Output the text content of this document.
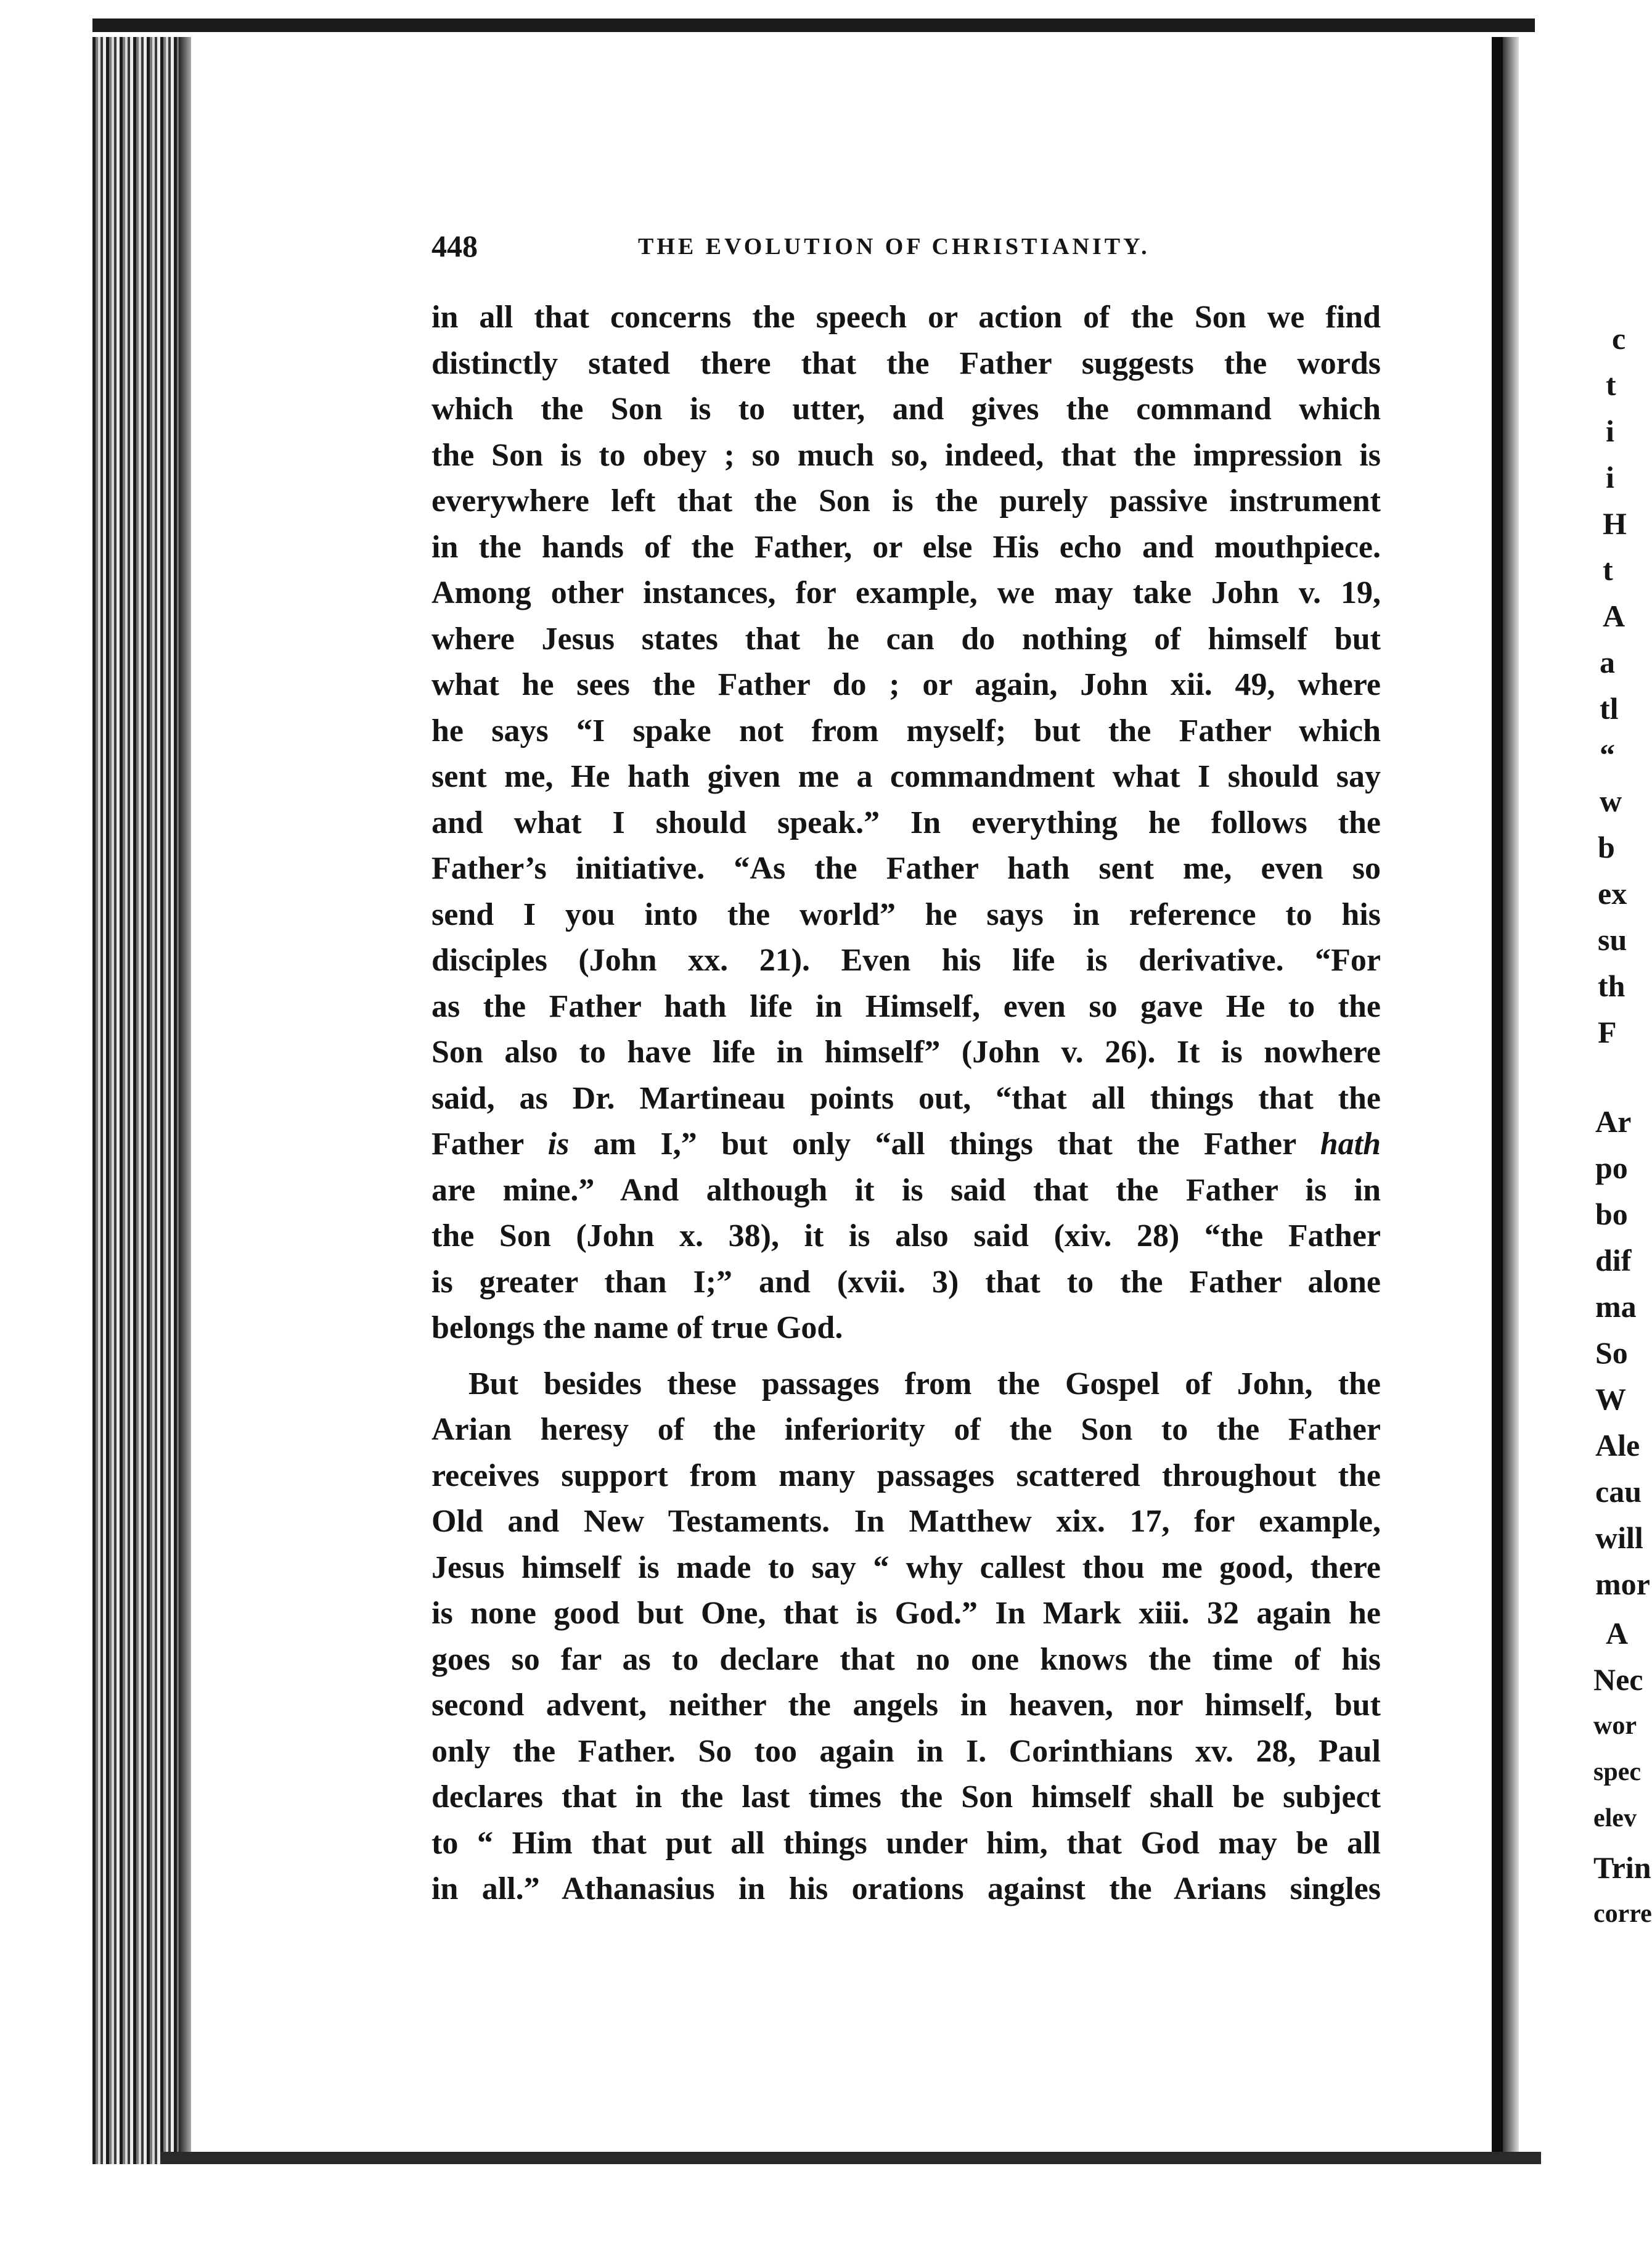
448	THE EVOLUTION OF CHRISTIANITY.
in all that concerns the speech or action of the Son we find
distinctly stated there that the Father suggests the words
which the Son is to utter, and gives the command which
the Son is to obey ; so much so, indeed, that the impression is
everywhere left that the Son is the purely passive instrument
in the hands of the Father, or else His echo and mouthpiece.
Among other instances, for example, we may take John v. 19,
where Jesus states that he can do nothing of himself but
what he sees the Father do ; or again, John xii. 49, where
he says “I spake not from myself; but the Father which
sent me, He hath given me a commandment what I should say
and what I should speak.” In everything he follows the
Father’s initiative. “As the Father hath sent me, even so
send I you into the world” he says in reference to his
disciples (John xx. 21). Even his life is derivative. “For
as the Father hath life in Himself, even so gave He to the
Son also to have life in himself” (John v. 26). It is nowhere
said, as Dr. Martineau points out, “that all things that the
Father is am I,” but only “all things that the Father hath
are mine.” And although it is said that the Father is in
the Son (John x. 38), it is also said (xiv. 28) “the Father
is greater than I;” and (xvii. 3) that to the Father alone
belongs the name of true God.
But besides these passages from the Gospel of John, the
Arian heresy of the inferiority of the Son to the Father
receives support from many passages scattered throughout the
Old and New Testaments. In Matthew xix. 17, for example,
Jesus himself is made to say “ why callest thou me good, there
is none good but One, that is God.” In Mark xiii. 32 again he
goes so far as to declare that no one knows the time of his
second advent, neither the angels in heaven, nor himself, but
only the Father. So too again in I. Corinthians xv. 28, Paul
declares that in the last times the Son himself shall be subject
to “ Him that put all things under him, that God may be all
in all.” Athanasius in his orations against the Arians singles
c
t
i
i
H
t
A
a
tl
“
w
b
ex
su
th
F
Ar
po
bo
dif
ma
So
W
Ale
cau
will
mor
A
Nec
wor
spec
elev
Trin
corre
